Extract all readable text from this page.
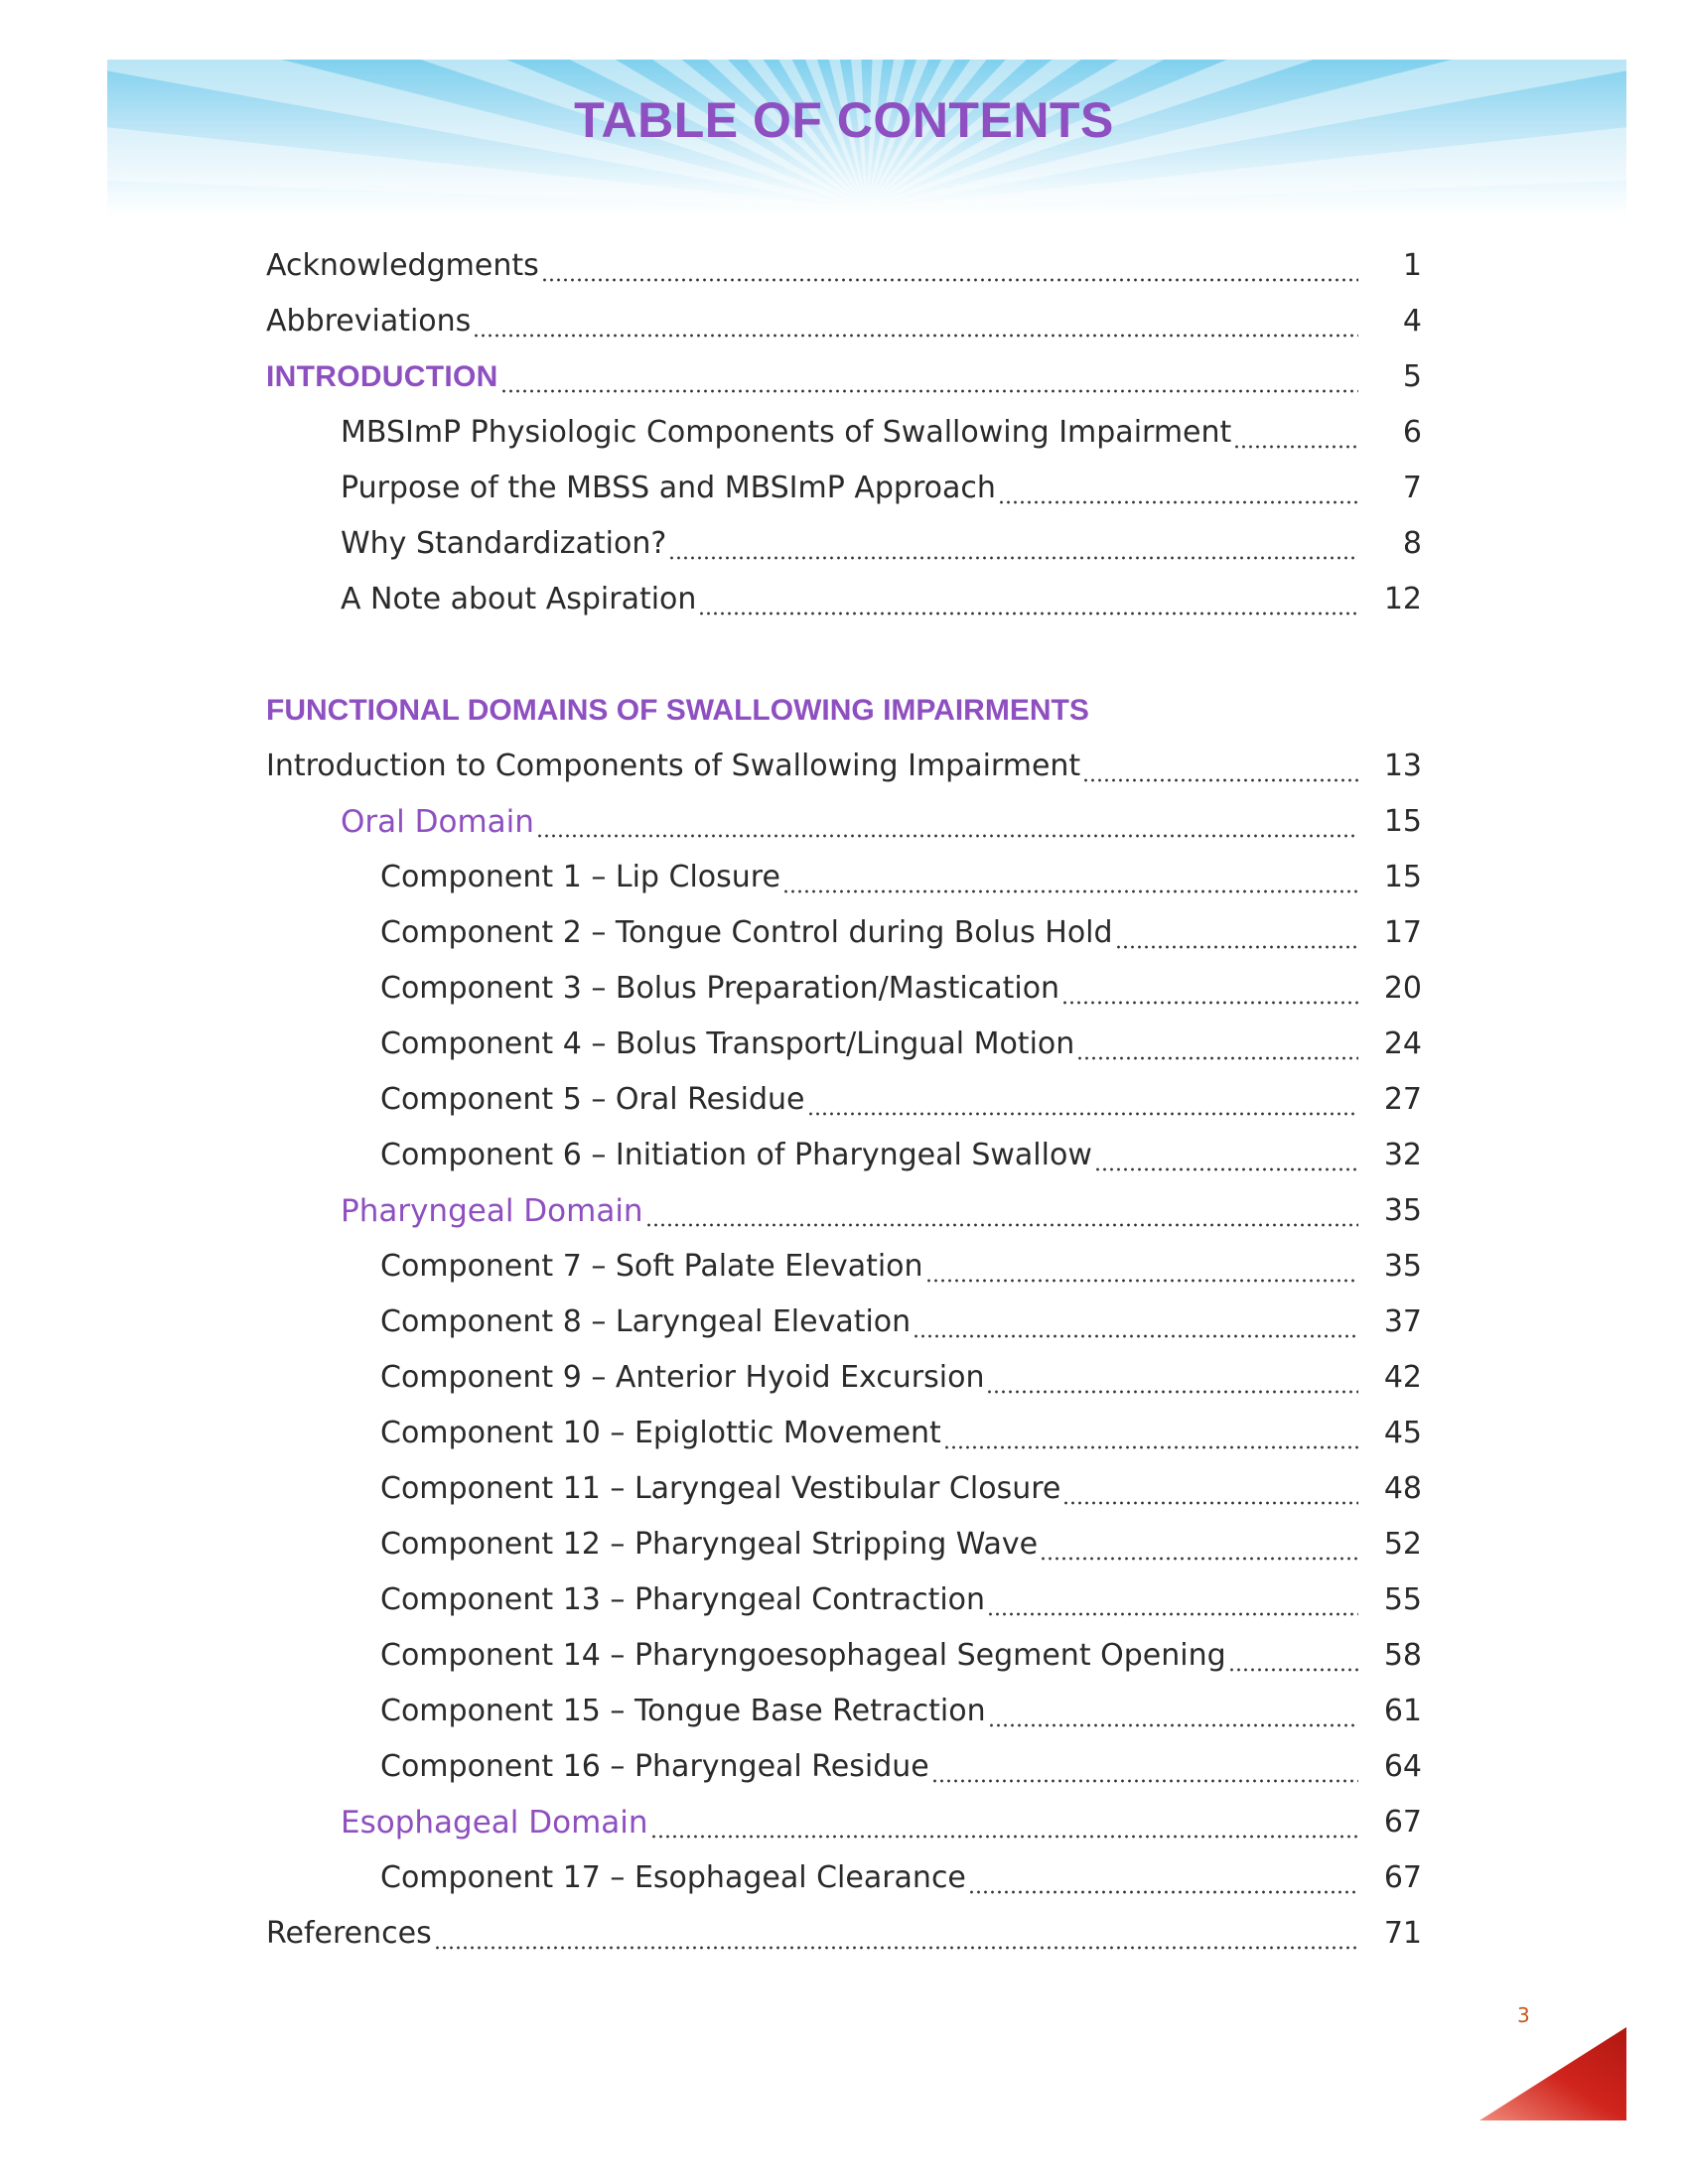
TABLE OF CONTENTS
Acknowledgments	1
Abbreviations	4
INTRODUCTION	5
MBSImP Physiologic Components of Swallowing Impairment	6
Purpose of the MBSS and MBSImP Approach	7
Why Standardization?	8
A Note about Aspiration	12
Introduction to Components of Swallowing Impairment	13
Oral Domain	15
Component 1 – Lip Closure	15
Component 2 – Tongue Control during Bolus Hold	17
Component 3 – Bolus Preparation/Mastication	20
Component 4 – Bolus Transport/Lingual Motion	24
Component 5 – Oral Residue	27
Component 6 – Initiation of Pharyngeal Swallow	32
Pharyngeal Domain	35
Component 7 – Soft Palate Elevation	35
Component 8 – Laryngeal Elevation	37
Component 9 – Anterior Hyoid Excursion	42
Component 10 – Epiglottic Movement	45
Component 11 – Laryngeal Vestibular Closure	48
Component 12 – Pharyngeal Stripping Wave	52
Component 13 – Pharyngeal Contraction	55
Component 14 – Pharyngoesophageal Segment Opening	58
Component 15 – Tongue Base Retraction	61
Component 16 – Pharyngeal Residue	64
Esophageal Domain	67
Component 17 – Esophageal Clearance	67
References	71
FUNCTIONAL DOMAINS OF SWALLOWING IMPAIRMENTS
3
